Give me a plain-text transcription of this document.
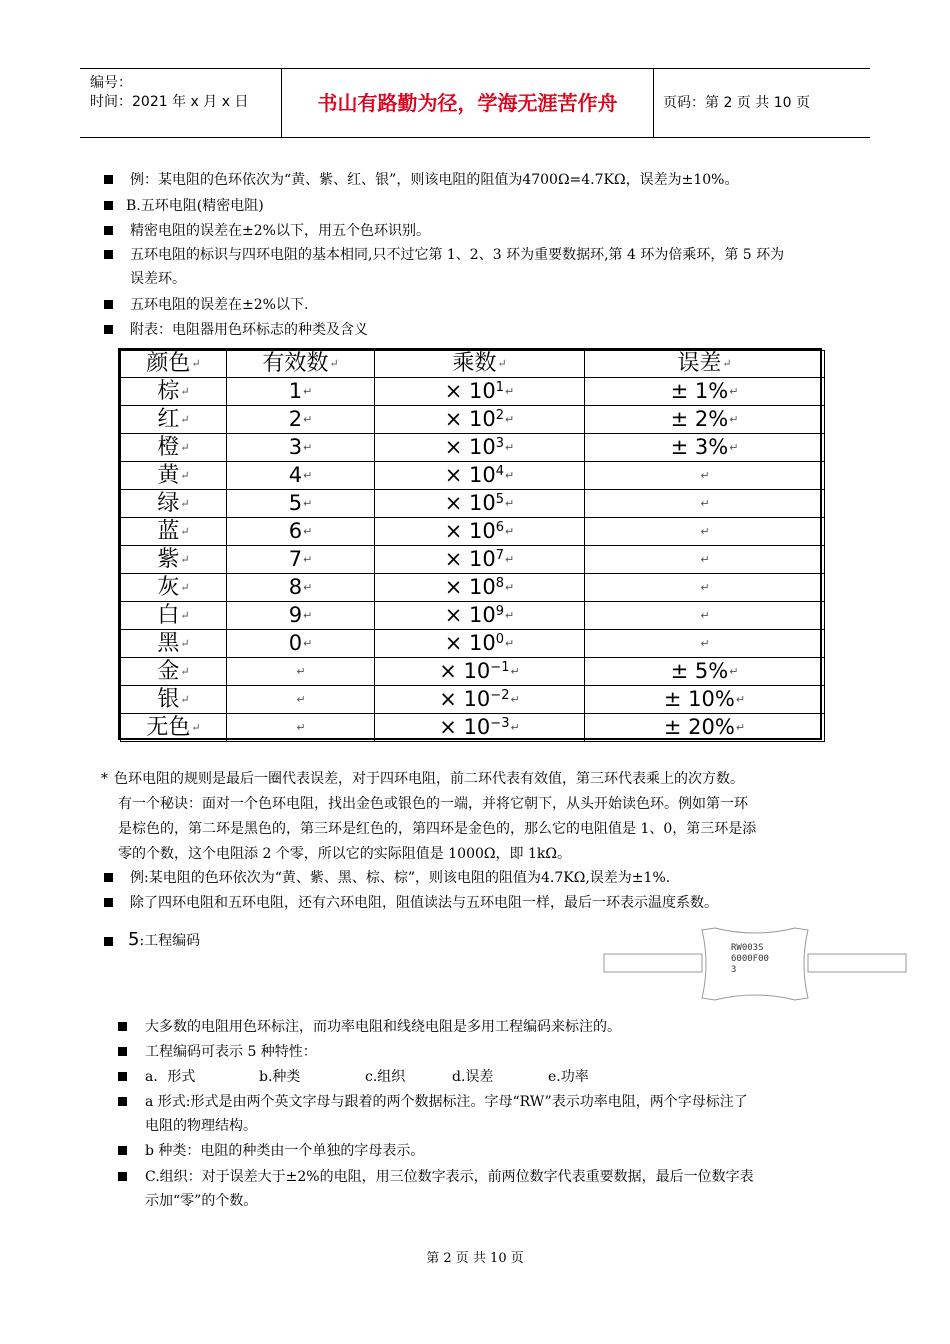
编号：
时间：2021 年 x 月 x 日	书山有路勤为径，学海无涯苦作舟	页码：第 2 页 共 10 页
例：某电阻的色环依次为“黄、紫、红、银”，则该电阻的阻值为4700Ω=4.7KΩ，误差为±10%。
B.五环电阻(精密电阻)
精密电阻的误差在±2%以下，用五个色环识别。
五环电阻的标识与四环电阻的基本相同,只不过它第 1、2、3 环为重要数据环,第 4 环为倍乘环，第 5 环为
误差环。
五环电阻的误差在±2%以下.
附表：电阻器用色环标志的种类及含义
颜色↵	有效数↵	乘数↵	误差↵
棕↵	1↵	× $10^1↵$	± 1%↵
红↵	2↵	× $10^2↵$	± 2%↵
橙↵	3↵	× $10^3↵$	± 3%↵
黄↵	4↵	× $10^4↵$	↵
绿↵	5↵	× $10^5↵$	↵
蓝↵	6↵	× $10^6↵$	↵
紫↵	7↵	× $10^7↵$	↵
灰↵	8↵	× $10^8↵$	↵
白↵	9↵	× $10^9↵$	↵
黑↵	0↵	× $10^0↵$	↵
金↵	↵	× $10^{-1}↵$	± 5%↵
银↵	↵	× $10^{-2}↵$	± 10%↵
无色↵	↵	× $10^{-3}↵$	± 20%↵
* 色环电阻的规则是最后一圈代表误差，对于四环电阻，前二环代表有效值，第三环代表乘上的次方数。
有一个秘诀：面对一个色环电阻，找出金色或银色的一端，并将它朝下，从头开始读色环。例如第一环
是棕色的，第二环是黑色的，第三环是红色的，第四环是金色的，那么它的电阻值是 1、0，第三环是添
零的个数，这个电阻添 2 个零，所以它的实际阻值是 1000Ω，即 1kΩ。
例:某电阻的色环依次为“黄、紫、黑、棕、棕”，则该电阻的阻值为4.7KΩ,误差为±1%.
除了四环电阻和五环电阻，还有六环电阻，阻值读法与五环电阻一样，最后一环表示温度系数。
5:工程编码	RW003S
6000F00
3
大多数的电阻用色环标注，而功率电阻和线绕电阻是多用工程编码来标注的。
工程编码可表示 5 种特性：
a．形式	b.种类	c.组织	d.误差	e.功率
a 形式:形式是由两个英文字母与跟着的两个数据标注。字母“RW”表示功率电阻，两个字母标注了
电阻的物理结构。
b 种类：电阻的种类由一个单独的字母表示。
C.组织：对于误差大于±2%的电阻，用三位数字表示，前两位数字代表重要数据，最后一位数字表
示加“零”的个数。
第 2 页 共 10 页
